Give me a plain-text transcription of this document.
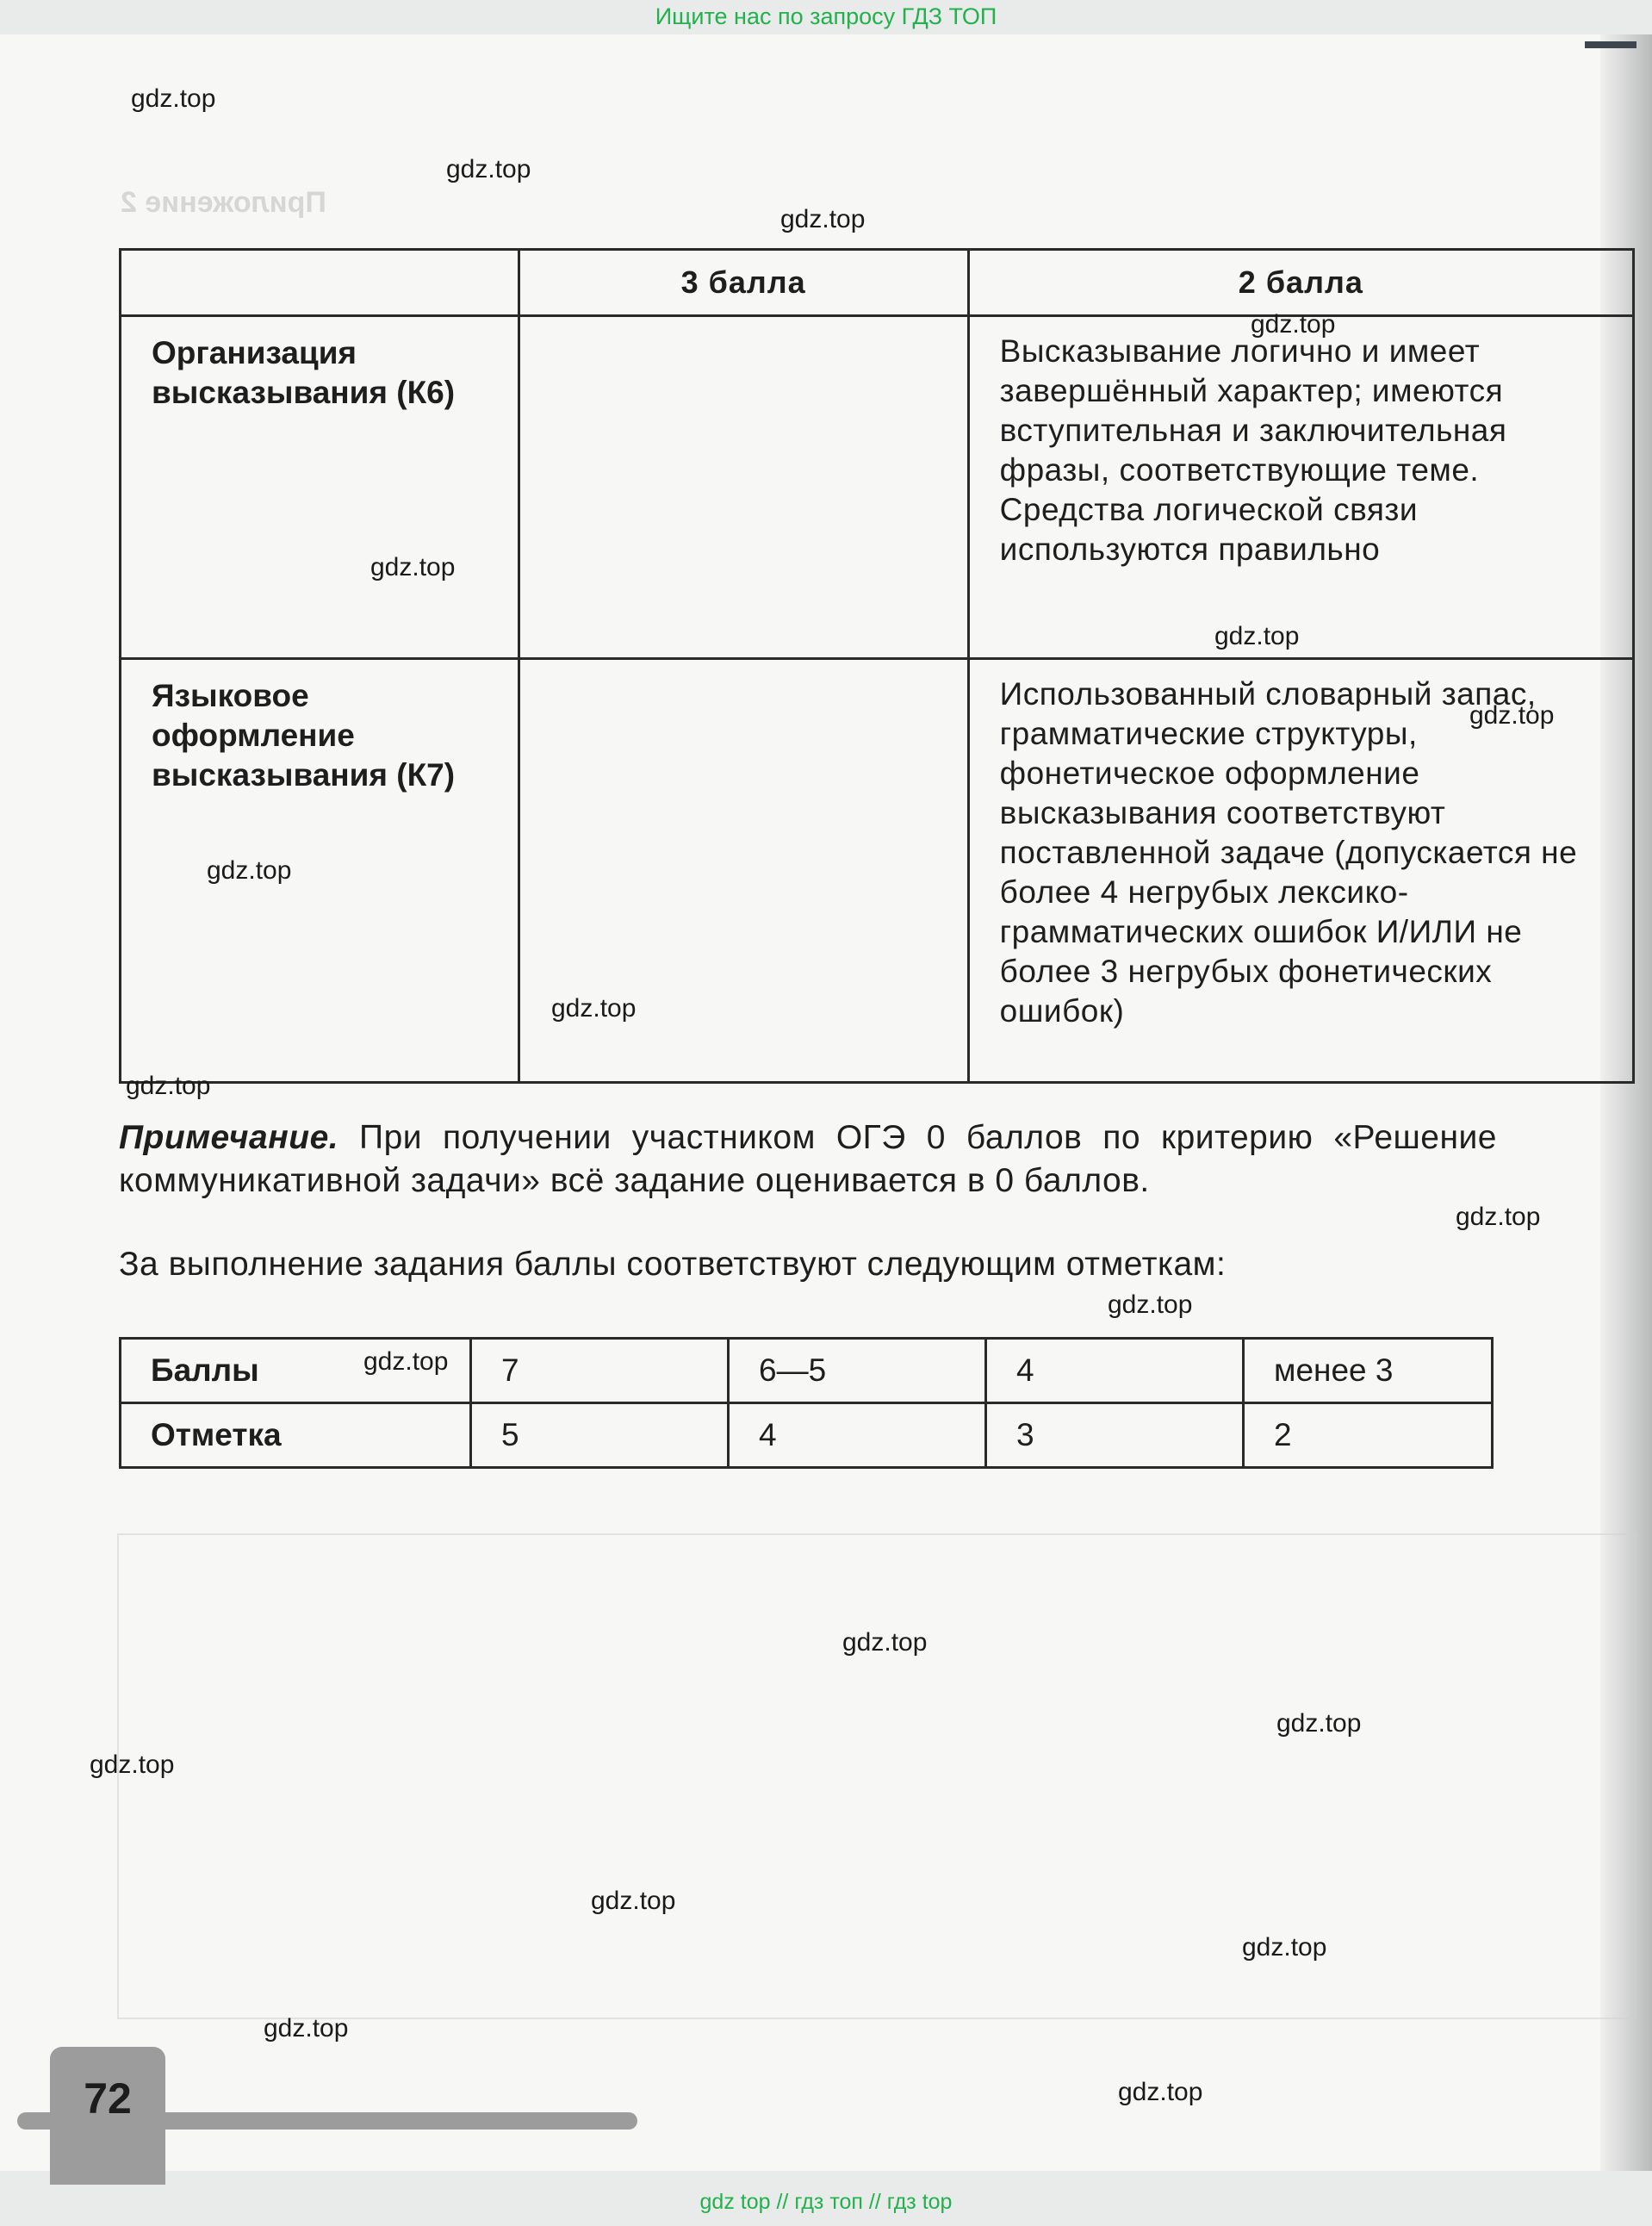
Ищите нас по запросу ГДЗ ТОП
Приложение 2
	3 балла	2 балла

Организация высказывания (К6)		Высказывание логично и имеет завершённый характер; имеются вступительная и заключительная фразы, соответствующие теме. Средства логической связи используются правильно

Языковое оформление высказывания (К7)		Использованный словарный запас, грамматические структуры, фонетическое оформление высказывания соответствуют поставленной задаче (допускается не более 4 негрубых лексико-грамматических ошибок И/ИЛИ не более 3 негрубых фонетических ошибок)
Примечание. При получении участником ОГЭ 0 баллов по критерию «Решение коммуникативной задачи» всё задание оценивается в 0 баллов.
За выполнение задания баллы соответствуют следующим отметкам:
Баллы	7	6—5	4	менее 3
Отметка	5	4	3	2
72
gdz.top
gdz.top
gdz.top
gdz.top
gdz.top
gdz.top
gdz.top
gdz.top
gdz.top
gdz.top
gdz.top
gdz.top
gdz.top
gdz.top
gdz.top
gdz.top
gdz.top
gdz.top
gdz.top
gdz.top
gdz top // гдз топ // гдз top
